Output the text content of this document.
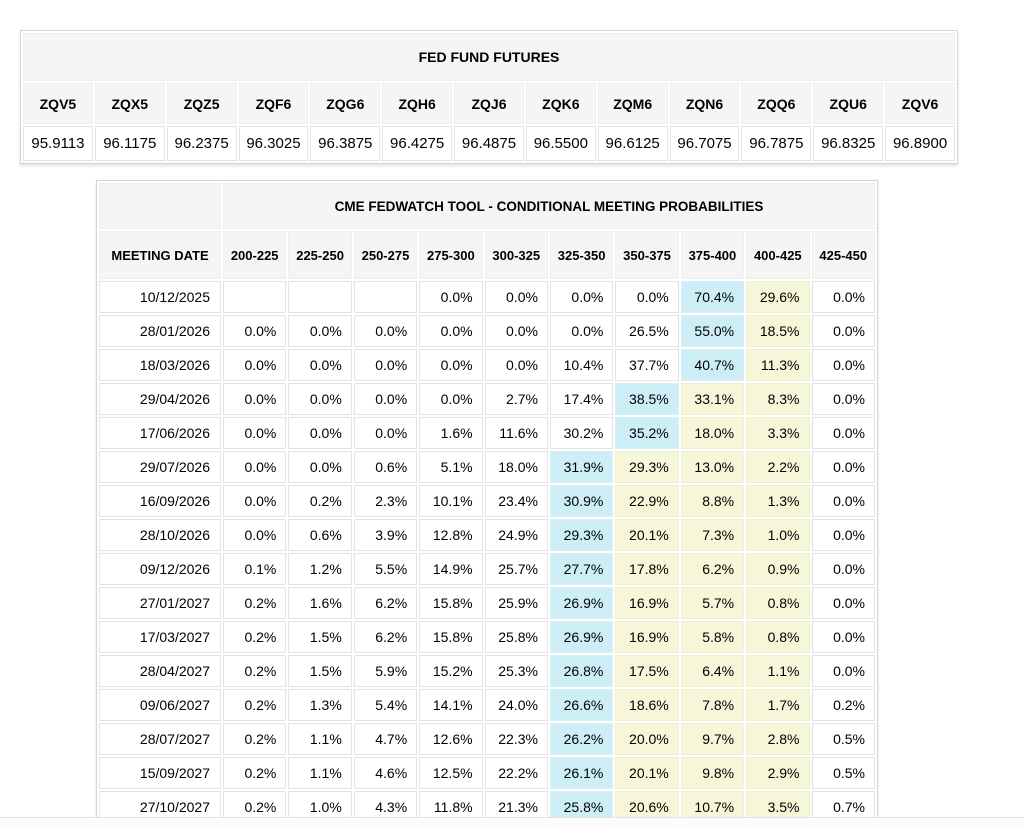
FED FUND FUTURES												
ZQV5	ZQX5	ZQZ5	ZQF6	ZQG6	ZQH6	ZQJ6	ZQK6	ZQM6	ZQN6	ZQQ6	ZQU6	ZQV6
95.9113	96.1175	96.2375	96.3025	96.3875	96.4275	96.4875	96.5500	96.6125	96.7075	96.7875	96.8325	96.8900
	CME FEDWATCH TOOL - CONDITIONAL MEETING PROBABILITIES									
MEETING DATE	200-225	225-250	250-275	275-300	300-325	325-350	350-375	375-400	400-425	425-450
10/12/2025				0.0%	0.0%	0.0%	0.0%	70.4%	29.6%	0.0%
28/01/2026	0.0%	0.0%	0.0%	0.0%	0.0%	0.0%	26.5%	55.0%	18.5%	0.0%
18/03/2026	0.0%	0.0%	0.0%	0.0%	0.0%	10.4%	37.7%	40.7%	11.3%	0.0%
29/04/2026	0.0%	0.0%	0.0%	0.0%	2.7%	17.4%	38.5%	33.1%	8.3%	0.0%
17/06/2026	0.0%	0.0%	0.0%	1.6%	11.6%	30.2%	35.2%	18.0%	3.3%	0.0%
29/07/2026	0.0%	0.0%	0.6%	5.1%	18.0%	31.9%	29.3%	13.0%	2.2%	0.0%
16/09/2026	0.0%	0.2%	2.3%	10.1%	23.4%	30.9%	22.9%	8.8%	1.3%	0.0%
28/10/2026	0.0%	0.6%	3.9%	12.8%	24.9%	29.3%	20.1%	7.3%	1.0%	0.0%
09/12/2026	0.1%	1.2%	5.5%	14.9%	25.7%	27.7%	17.8%	6.2%	0.9%	0.0%
27/01/2027	0.2%	1.6%	6.2%	15.8%	25.9%	26.9%	16.9%	5.7%	0.8%	0.0%
17/03/2027	0.2%	1.5%	6.2%	15.8%	25.8%	26.9%	16.9%	5.8%	0.8%	0.0%
28/04/2027	0.2%	1.5%	5.9%	15.2%	25.3%	26.8%	17.5%	6.4%	1.1%	0.0%
09/06/2027	0.2%	1.3%	5.4%	14.1%	24.0%	26.6%	18.6%	7.8%	1.7%	0.2%
28/07/2027	0.2%	1.1%	4.7%	12.6%	22.3%	26.2%	20.0%	9.7%	2.8%	0.5%
15/09/2027	0.2%	1.1%	4.6%	12.5%	22.2%	26.1%	20.1%	9.8%	2.9%	0.5%
27/10/2027	0.2%	1.0%	4.3%	11.8%	21.3%	25.8%	20.6%	10.7%	3.5%	0.7%
